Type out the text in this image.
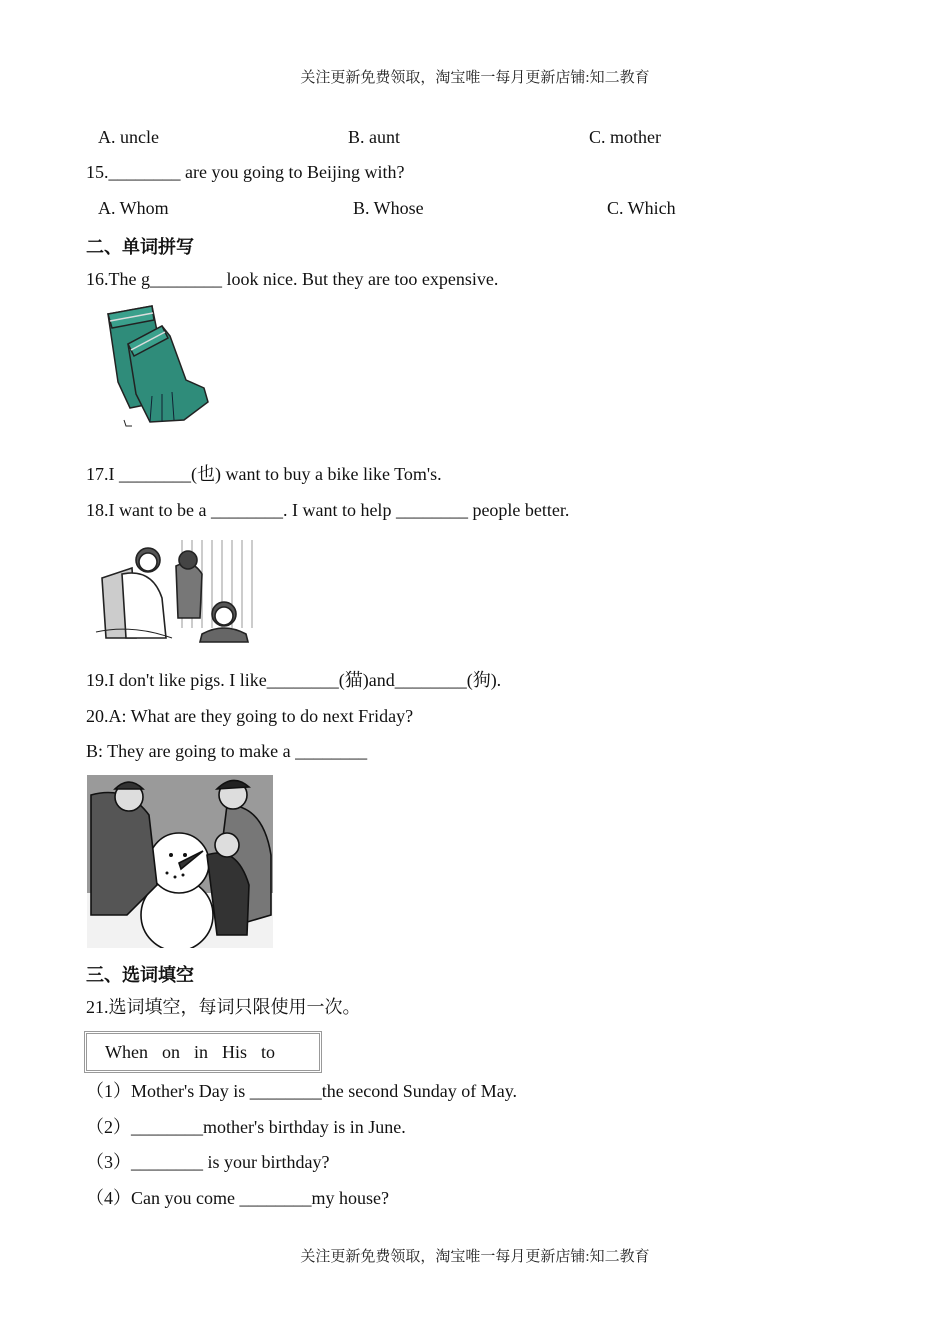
关注更新免费领取，淘宝唯一每月更新店铺:知二教育
A. uncle	B. aunt	C. mother
15.________ are you going to Beijing with?
A. Whom	B. Whose	C. Which
二、单词拼写
16.The g________ look nice. But they are too expensive.
17.I ________(也) want to buy a bike like Tom's.
18.I want to be a ________. I want to help ________ people better.
19.I don't like pigs. I like________(猫)and________(狗).
20.A: What are they going to do next Friday?
B: They are going to make a ________
三、选词填空
21.选词填空，每词只限使用一次。
When on in His to
（1）Mother's Day is ________the second Sunday of May.
（2）________mother's birthday is in June.
（3）________ is your birthday?
（4）Can you come ________my house?
关注更新免费领取，淘宝唯一每月更新店铺:知二教育
